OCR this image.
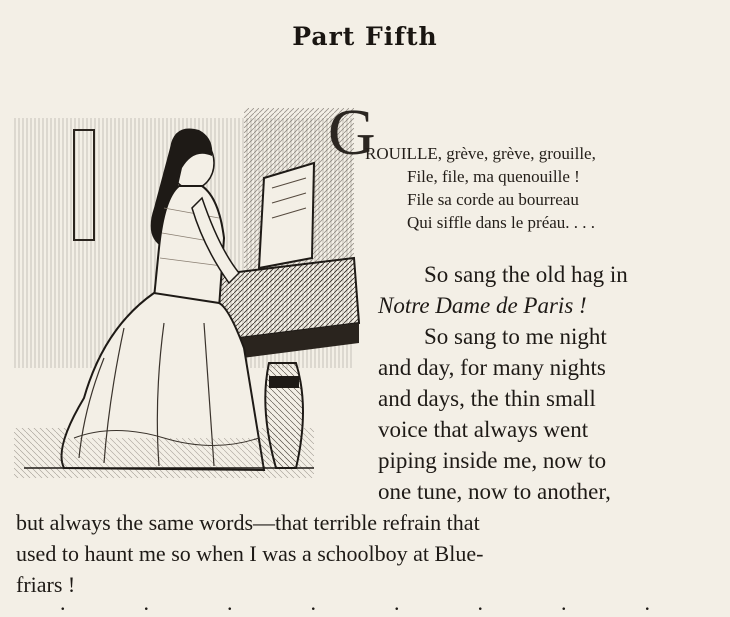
Part Fifth
G
ROUILLE, grève, grève, grouille,
File, file, ma quenouille !
File sa corde au bourreau
Qui siffle dans le préau. . . .
So sang the old hag in
Notre Dame de Paris !
So sang to me night
and day, for many nights
and days, the thin small
voice that always went
piping inside me, now to
one tune, now to another,
but always the same words—that terrible refrain that
used to haunt me so when I was a schoolboy at Blue-
friars !
.	.	.	.	.	.	.	.
